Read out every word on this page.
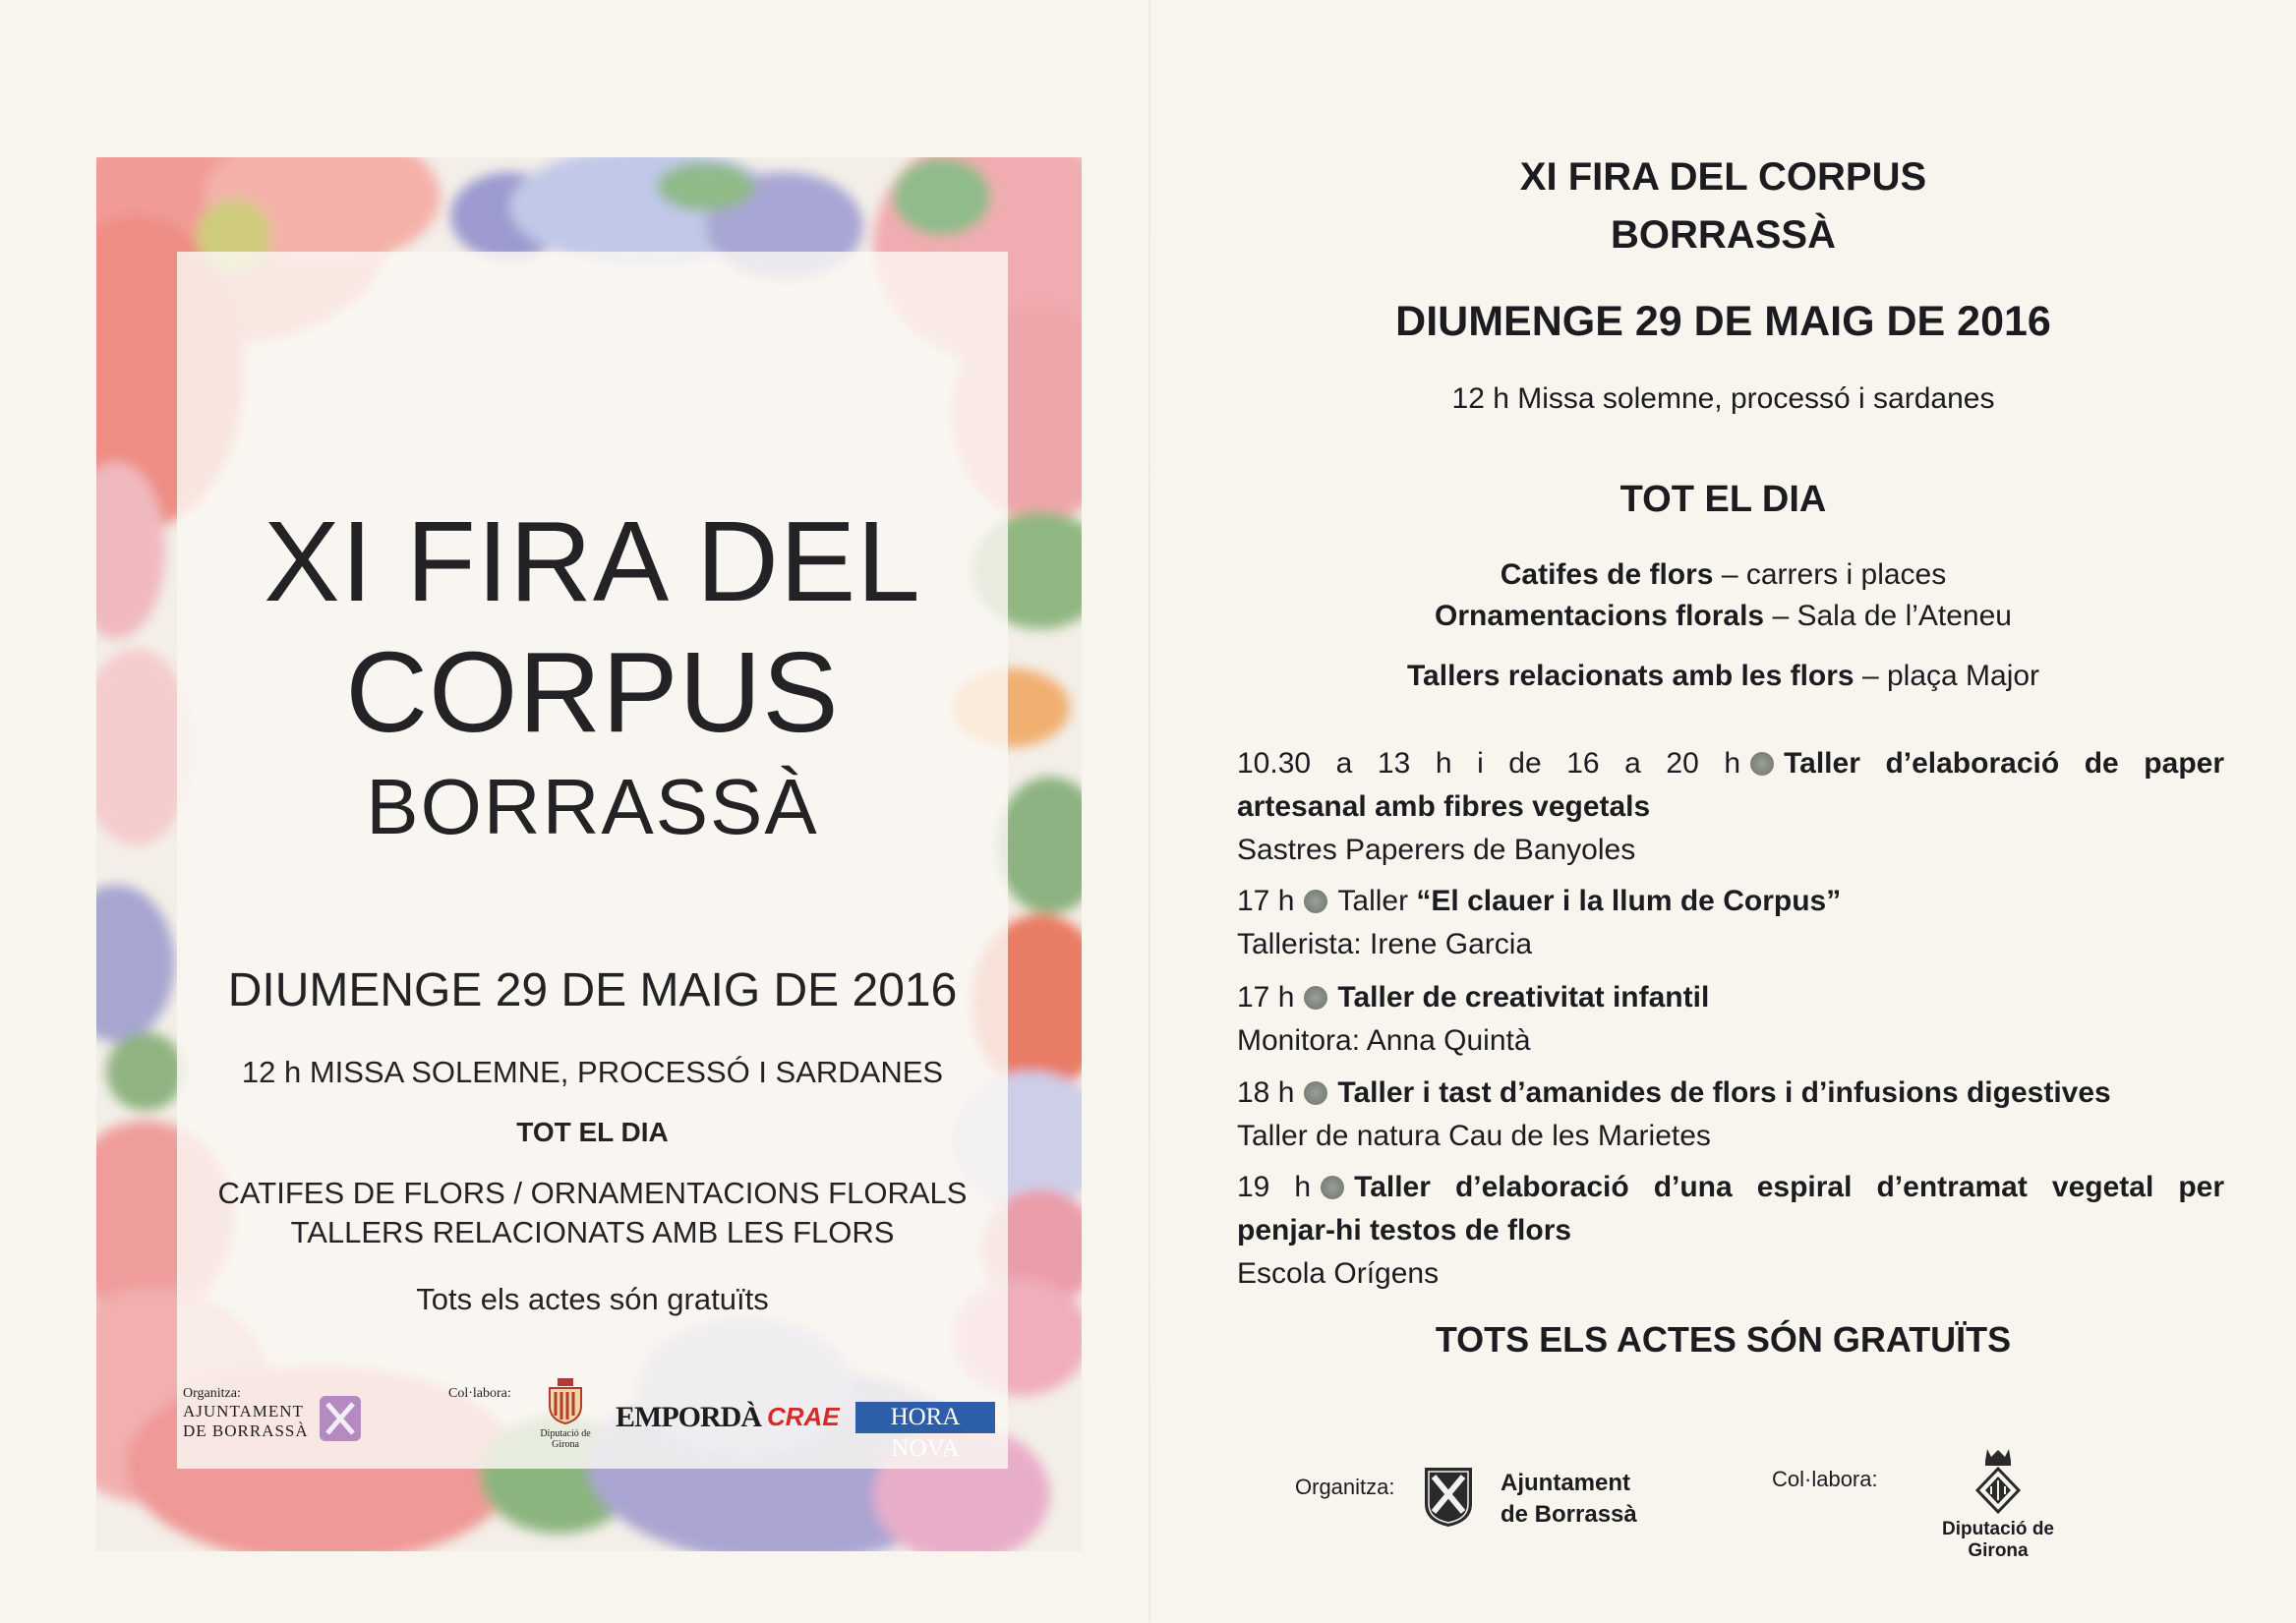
XI FIRA DEL
CORPUS
BORRASSÀ
DIUMENGE 29 DE MAIG DE 2016
12 h MISSA SOLEMNE, PROCESSÓ I SARDANES
TOT EL DIA
CATIFES DE FLORS / ORNAMENTACIONS FLORALS
TALLERS RELACIONATS AMB LES FLORS
Tots els actes són gratuïts
Organitza:
AJUNTAMENT
DE BORRASSÀ
Col·labora:
Diputació de Girona
EMPORDÀ CRAE	HORA NOVA
XI FIRA DEL CORPUS
BORRASSÀ
DIUMENGE 29 DE MAIG DE 2016
12 h Missa solemne, processó i sardanes
TOT EL DIA
Catifes de flors – carrers i places
Ornamentacions florals – Sala de l’Ateneu
Tallers relacionats amb les flors – plaça Major
10.30 a 13 h i de 16 a 20 h Taller d’elaboració de paper
artesanal amb fibres vegetals
Sastres Paperers de Banyoles
17 h Taller “El clauer i la llum de Corpus”
Tallerista: Irene Garcia
17 h Taller de creativitat infantil
Monitora: Anna Quintà
18 h Taller i tast d’amanides de flors i d’infusions digestives
Taller de natura Cau de les Marietes
19 h Taller d’elaboració d’una espiral d’entramat vegetal per
penjar-hi testos de flors
Escola Orígens
TOTS ELS ACTES SÓN GRATUÏTS
Organitza:	Ajuntament
de Borrassà
Col·labora:
Diputació de Girona
